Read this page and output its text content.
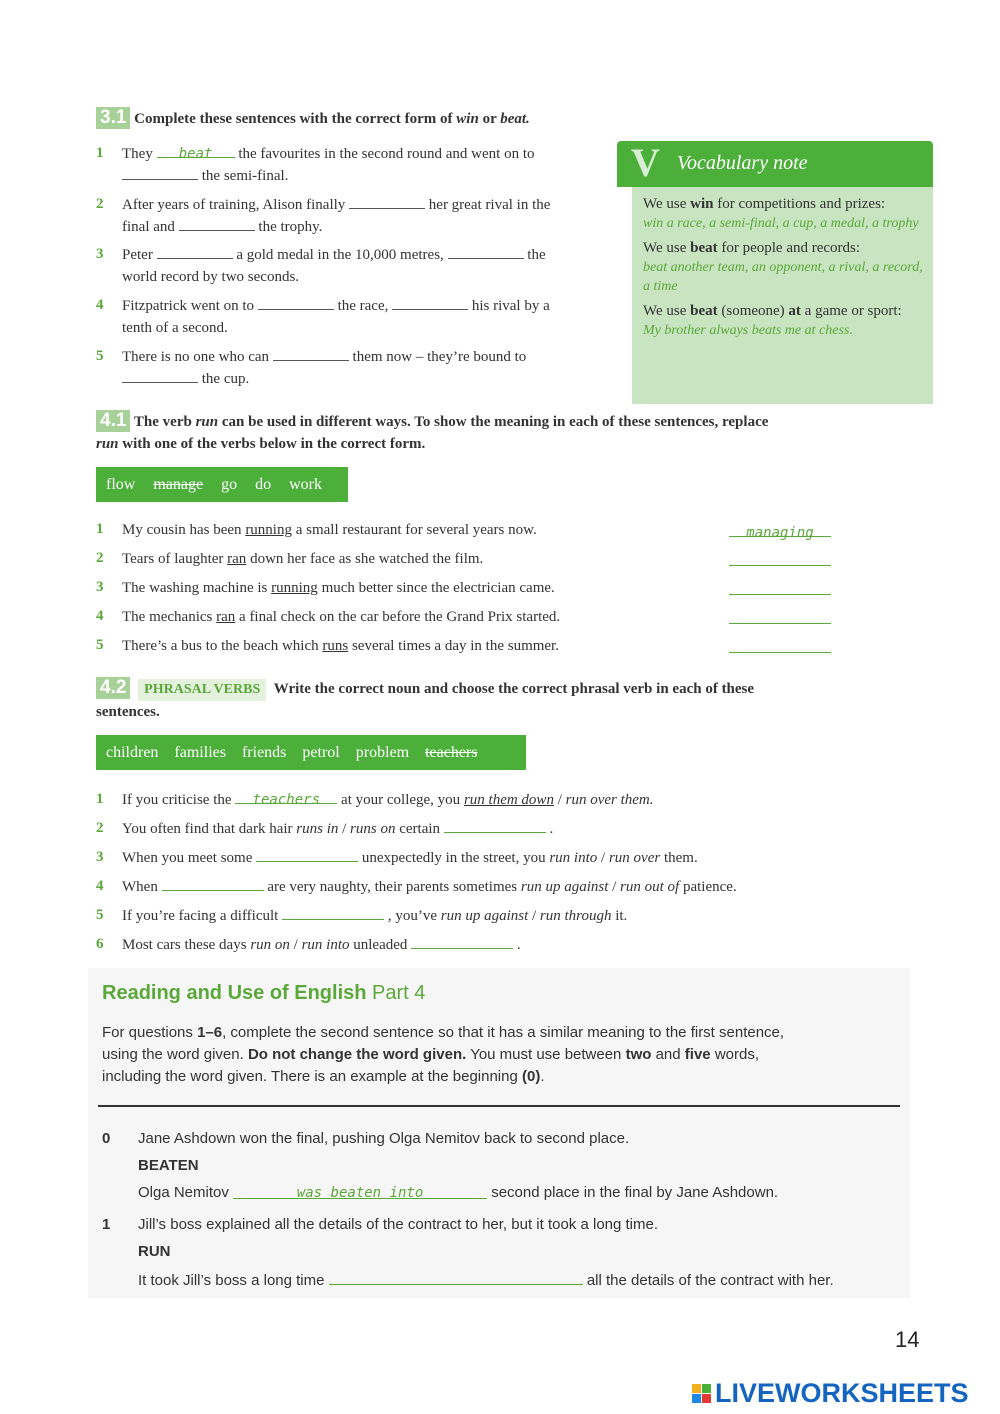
3.1 Complete these sentences with the correct form of win or beat.
1 They beat the favourites in the second round and went on to
the semi-final.
2 After years of training, Alison finally	her great rival in the
final and	the trophy.
3 Peter	a gold medal in the 10,000 metres,	the
world record by two seconds.
4 Fitzpatrick went on to	the race,	his rival by a
tenth of a second.
5 There is no one who can	them now – they’re bound to
the cup.
V Vocabulary note

We use win for competitions and prizes:

win a race, a semi-final, a cup, a medal, a trophy

We use beat for people and records:

beat another team, an opponent, a rival, a record, a time

We use beat (someone) at a game or sport:

My brother always beats me at chess.

4.1 The verb run can be used in different ways. To show the meaning in each of these sentences, replace
run with one of the verbs below in the correct form.
flow manage go do work
1 My cousin has been running a small restaurant for several years now.	managing
2 Tears of laughter ran down her face as she watched the film.
3 The washing machine is running much better since the electrician came.
4 The mechanics ran a final check on the car before the Grand Prix started.
5 There’s a bus to the beach which runs several times a day in the summer.
4.2 PHRASAL VERBS Write the correct noun and choose the correct phrasal verb in each of these
sentences.
children families friends petrol problem teachers
1 If you criticise the teachers at your college, you run them down / run over them.
2 You often find that dark hair runs in / runs on certain	.
3 When you meet some	unexpectedly in the street, you run into / run over them.
4 When	are very naughty, their parents sometimes run up against / run out of patience.
5 If you’re facing a difficult	, you’ve run up against / run through it.
6 Most cars these days run on / run into unleaded	.
Reading and Use of English Part 4
For questions 1–6, complete the second sentence so that it has a similar meaning to the first sentence,
using the word given. Do not change the word given. You must use between two and five words,
including the word given. There is an example at the beginning (0).
0 Jane Ashdown won the final, pushing Olga Nemitov back to second place.
BEATEN
Olga Nemitov	was beaten into	second place in the final by Jane Ashdown.
1 Jill’s boss explained all the details of the contract to her, but it took a long time.
RUN
It took Jill’s boss a long time	all the details of the contract with her.
14
LIVEWORKSHEETS
